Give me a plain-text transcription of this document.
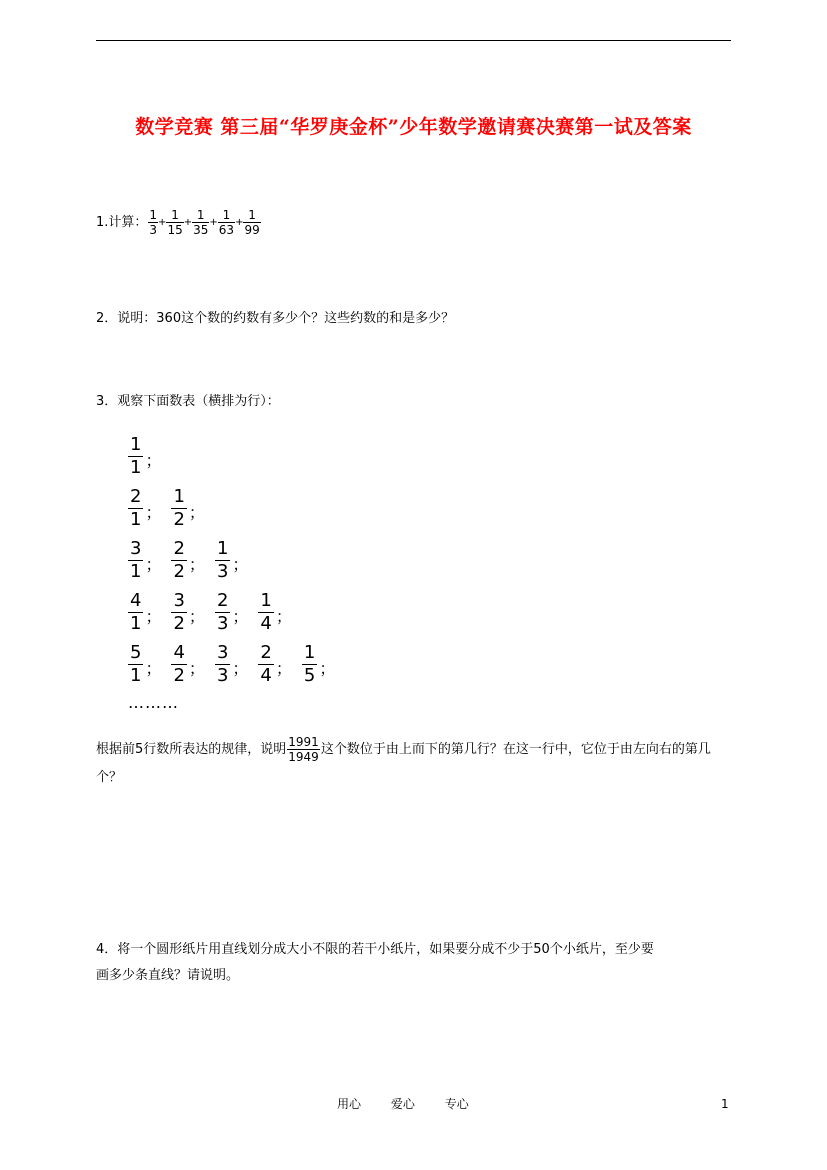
数学竞赛 第三届“华罗庚金杯”少年数学邀请赛决赛第一试及答案
1.计算： $\frac{1}{3} + \frac{1}{15} + \frac{1}{35} + \frac{1}{63} + \frac{1}{99}$
2．说明：360这个数的约数有多少个？这些约数的和是多少？
3．观察下面数表（横排为行）：
$\frac{1}{1}$ ；
$\frac{2}{1}$ ； $\frac{1}{2}$ ；
$\frac{3}{1}$ ； $\frac{2}{2}$ ； $\frac{1}{3}$ ；
$\frac{4}{1}$ ； $\frac{3}{2}$ ； $\frac{2}{3}$ ； $\frac{1}{4}$ ；
$\frac{5}{1}$ ； $\frac{4}{2}$ ； $\frac{3}{3}$ ； $\frac{2}{4}$ ； $\frac{1}{5}$ ；
………
根据前5行数所表达的规律，说明 $\frac{1991}{1949}$ 这个数位于由上而下的第几行？在这一行中，它位于由左向右的第几个？
4．将一个圆形纸片用直线划分成大小不限的若干小纸片，如果要分成不少于50个小纸片，至少要
画多少条直线？请说明。
用心 爱心 专心	1
